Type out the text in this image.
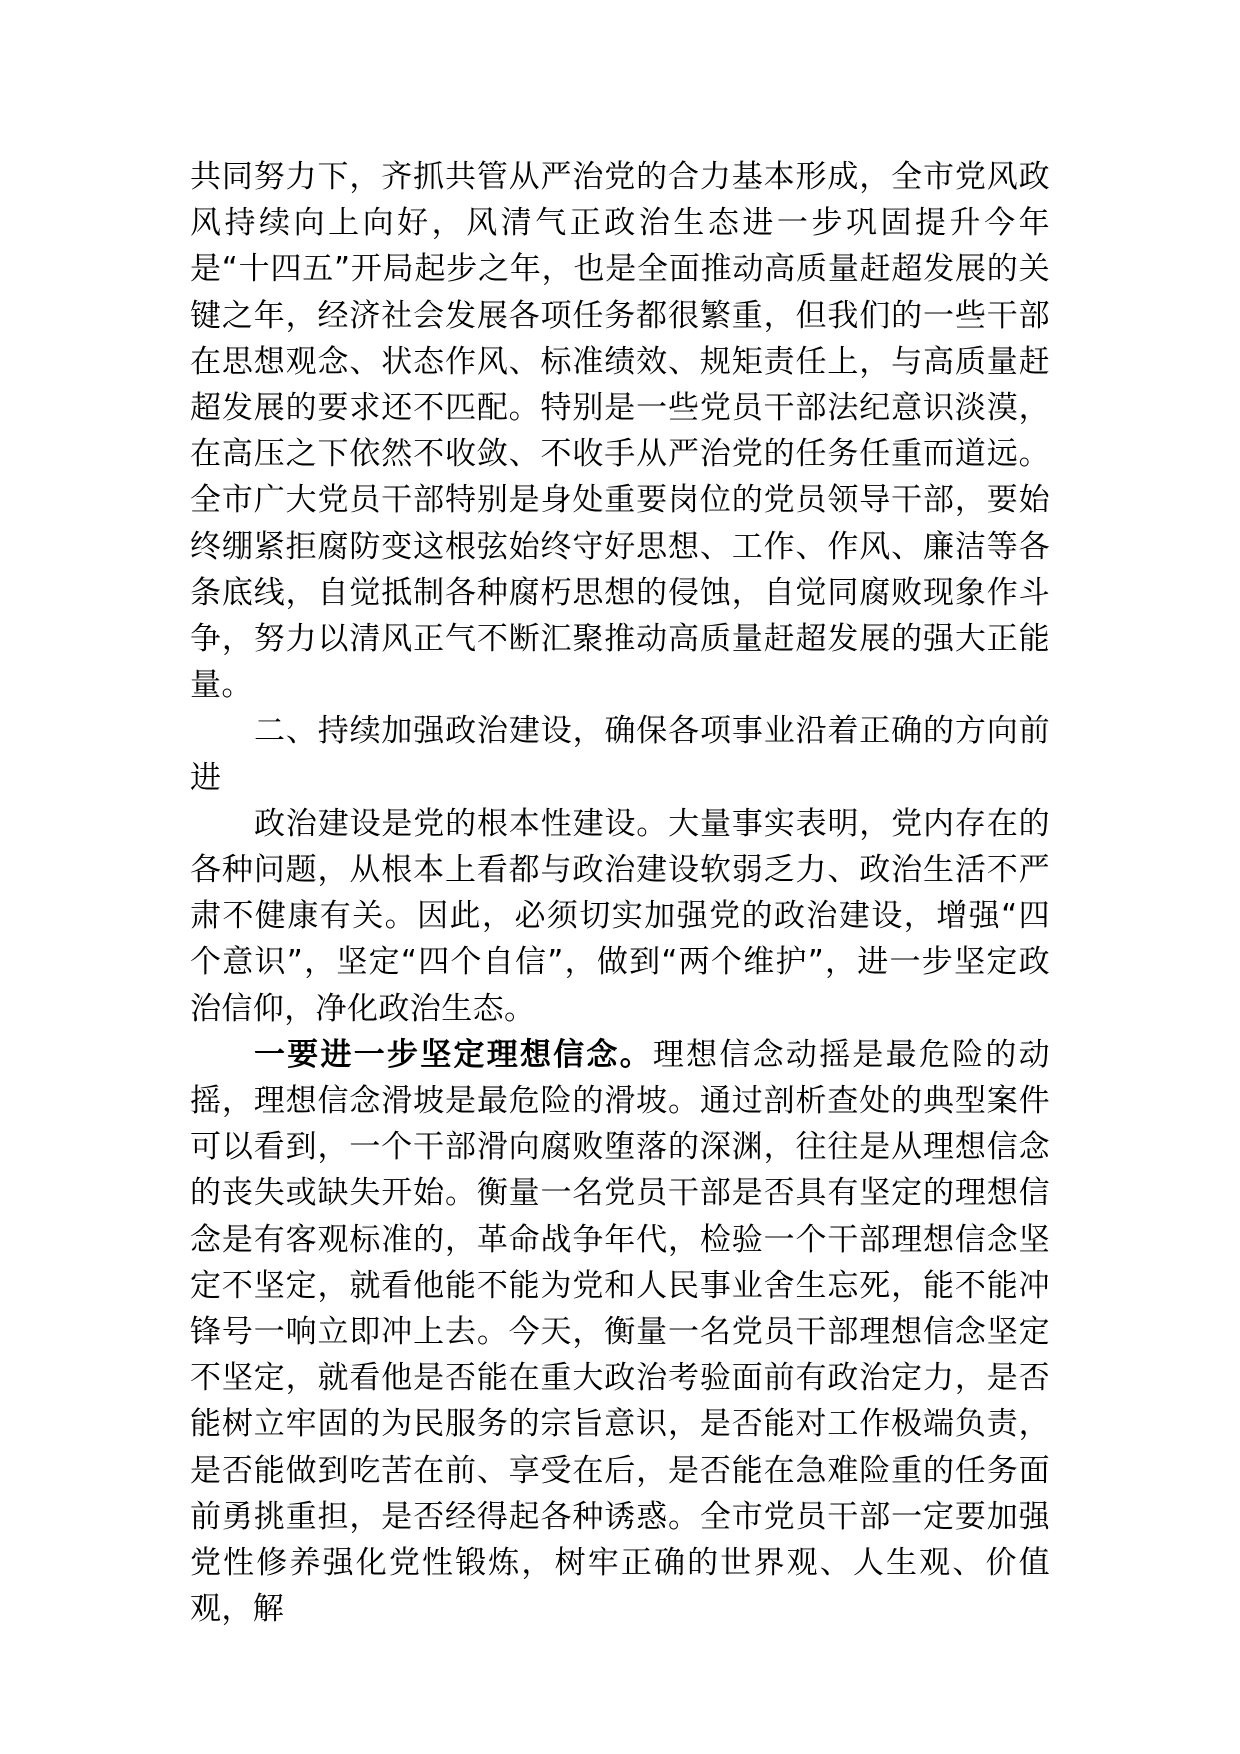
共同努力下，齐抓共管从严治党的合力基本形成，全市党风政风持续向上向好，风清气正政治生态进一步巩固提升今年是“十四五”开局起步之年，也是全面推动高质量赶超发展的关键之年，经济社会发展各项任务都很繁重，但我们的一些干部在思想观念、状态作风、标准绩效、规矩责任上，与高质量赶超发展的要求还不匹配。特别是一些党员干部法纪意识淡漠，在高压之下依然不收敛、不收手从严治党的任务任重而道远。全市广大党员干部特别是身处重要岗位的党员领导干部，要始终绷紧拒腐防变这根弦始终守好思想、工作、作风、廉洁等各条底线，自觉抵制各种腐朽思想的侵蚀，自觉同腐败现象作斗争，努力以清风正气不断汇聚推动高质量赶超发展的强大正能量。

二、持续加强政治建设，确保各项事业沿着正确的方向前进

政治建设是党的根本性建设。大量事实表明，党内存在的各种问题，从根本上看都与政治建设软弱乏力、政治生活不严肃不健康有关。因此，必须切实加强党的政治建设，增强“四个意识”，坚定“四个自信”，做到“两个维护”，进一步坚定政治信仰，净化政治生态。

一要进一步坚定理想信念。理想信念动摇是最危险的动摇，理想信念滑坡是最危险的滑坡。通过剖析查处的典型案件可以看到，一个干部滑向腐败堕落的深渊，往往是从理想信念的丧失或缺失开始。衡量一名党员干部是否具有坚定的理想信念是有客观标准的，革命战争年代，检验一个干部理想信念坚定不坚定，就看他能不能为党和人民事业舍生忘死，能不能冲锋号一响立即冲上去。今天，衡量一名党员干部理想信念坚定不坚定，就看他是否能在重大政治考验面前有政治定力，是否能树立牢固的为民服务的宗旨意识，是否能对工作极端负责，是否能做到吃苦在前、享受在后，是否能在急难险重的任务面前勇挑重担，是否经得起各种诱惑。全市党员干部一定要加强党性修养强化党性锻炼，树牢正确的世界观、人生观、价值观，解
